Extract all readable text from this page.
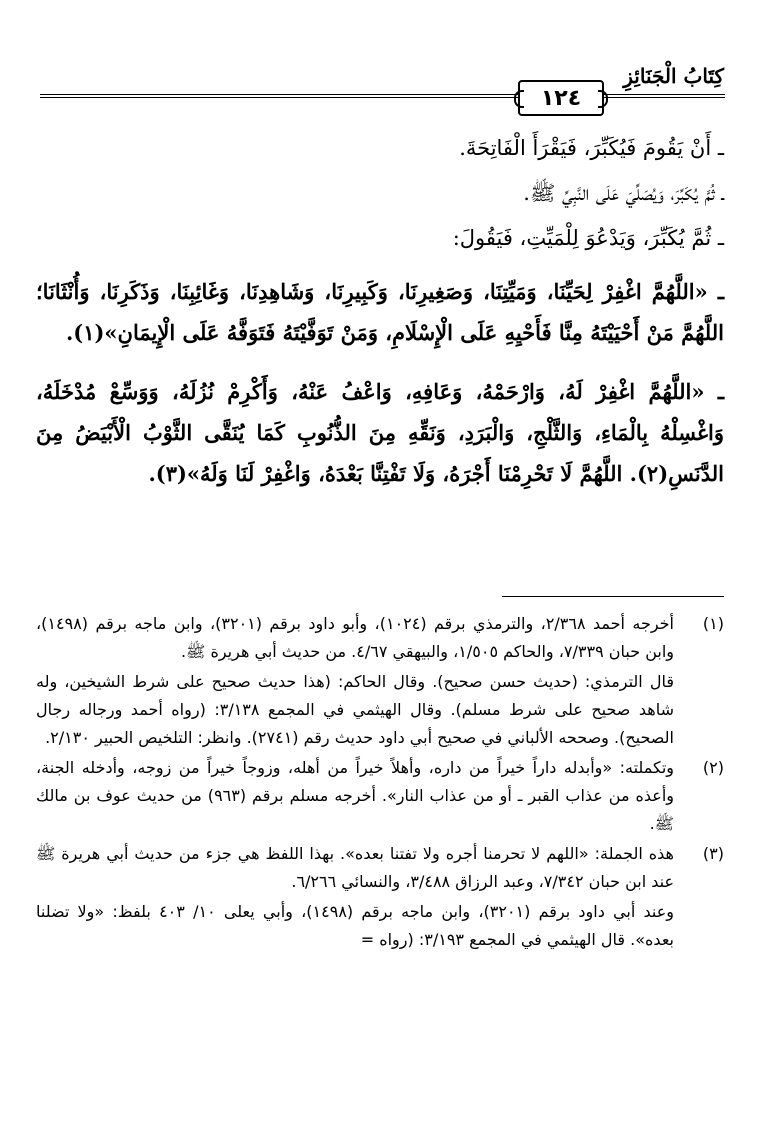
كِتَابُ الْجَنَائِزِ
١٢٤

ـ أَنْ يَقُومَ فَيُكَبِّرَ، فَيَقْرَأَ الْفَاتِحَةَ.

ـ ثُمَّ يُكَبِّرَ، وَيُصَلِّيَ عَلَى النَّبِيِّ ﷺ.

ـ ثُمَّ يُكَبِّرَ، وَيَدْعُوَ لِلْمَيِّتِ، فَيَقُولَ:

ـ «اللَّهُمَّ اغْفِرْ لِحَيِّنَا، وَمَيِّتِنَا، وَصَغِيرِنَا، وَكَبِيرِنَا، وَشَاهِدِنَا، وَغَائِبِنَا، وَذَكَرِنَا، وَأُنْثَانَا؛ اللَّهُمَّ مَنْ أَحْيَيْتَهُ مِنَّا فَأَحْيِهِ عَلَى الْإِسْلَامِ، وَمَنْ تَوَفَّيْتَهُ فَتَوَفَّهُ عَلَى الْإِيمَانِ»(١).

ـ «اللَّهُمَّ اغْفِرْ لَهُ، وَارْحَمْهُ، وَعَافِهِ، وَاعْفُ عَنْهُ، وَأَكْرِمْ نُزُلَهُ، وَوَسِّعْ مُدْخَلَهُ، وَاغْسِلْهُ بِالْمَاءِ، وَالثَّلْجِ، وَالْبَرَدِ، وَنَقِّهِ مِنَ الذُّنُوبِ كَمَا يُنَقَّى الثَّوْبُ الْأَبْيَضُ مِنَ الدَّنَسِ(٢). اللَّهُمَّ لَا تَحْرِمْنَا أَجْرَهُ، وَلَا تَفْتِنَّا بَعْدَهُ، وَاغْفِرْ لَنَا وَلَهُ»(٣).

(١)

أخرجه أحمد ٢/٣٦٨، والترمذي برقم (١٠٢٤)، وأبو داود برقم (٣٢٠١)، وابن ماجه برقم (١٤٩٨)، وابن حبان ٧/٣٣٩، والحاكم ١/٥٠٥، والبيهقي ٤/٦٧. من حديث أبي هريرة ﷺ.

قال الترمذي: (حديث حسن صحيح). وقال الحاكم: (هذا حديث صحيح على شرط الشيخين، وله شاهد صحيح على شرط مسلم). وقال الهيثمي في المجمع ٣/١٣٨: (رواه أحمد ورجاله رجال الصحيح). وصححه الألباني في صحيح أبي داود حديث رقم (٢٧٤١). وانظر: التلخيص الحبير ٢/١٣٠.

(٢)

وتكملته: «وأبدله داراً خيراً من داره، وأهلاً خيراً من أهله، وزوجاً خيراً من زوجه، وأدخله الجنة، وأعذه من عذاب القبر ـ أو من عذاب النار». أخرجه مسلم برقم (٩٦٣) من حديث عوف بن مالك ﷺ.

(٣)

هذه الجملة: «اللهم لا تحرمنا أجره ولا تفتنا بعده». بهذا اللفظ هي جزء من حديث أبي هريرة ﷺ عند ابن حبان ٧/٣٤٢، وعبد الرزاق ٣/٤٨٨، والنسائي ٦/٢٦٦.

وعند أبي داود برقم (٣٢٠١)، وابن ماجه برقم (١٤٩٨)، وأبي يعلى ١٠/ ٤٠٣ بلفظ: «ولا تضلنا بعده». قال الهيثمي في المجمع ٣/١٩٣: (رواه =
